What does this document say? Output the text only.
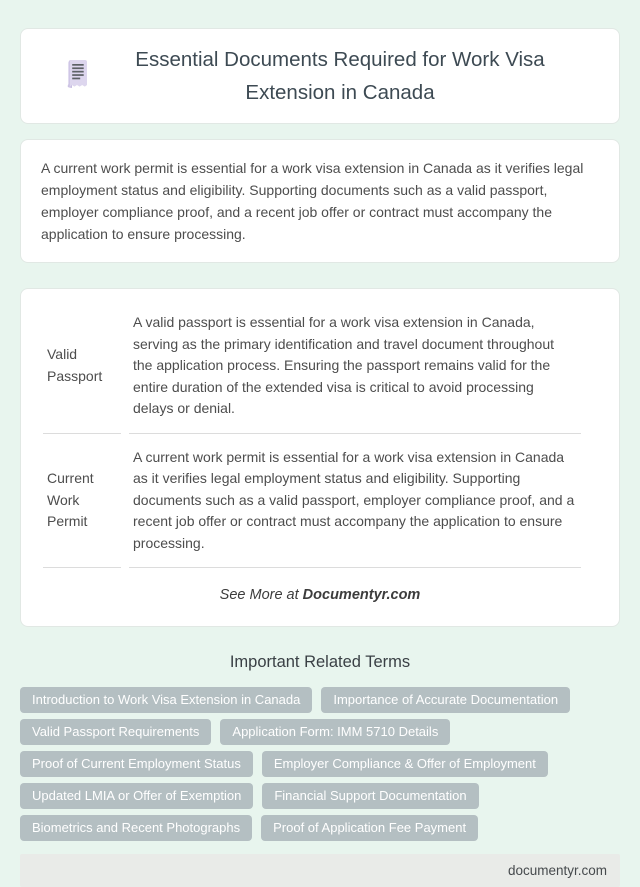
Essential Documents Required for Work Visa Extension in Canada

A current work permit is essential for a work visa extension in Canada as it verifies legal employment status and eligibility. Supporting documents such as a valid passport, employer compliance proof, and a recent job offer or contract must accompany the application to ensure processing.

Valid Passport	A valid passport is essential for a work visa extension in Canada, serving as the primary identification and travel document throughout the application process. Ensuring the passport remains valid for the entire duration of the extended visa is critical to avoid processing delays or denial.
Current Work Permit	A current work permit is essential for a work visa extension in Canada as it verifies legal employment status and eligibility. Supporting documents such as a valid passport, employer compliance proof, and a recent job offer or contract must accompany the application to ensure processing.
See More at Documentyr.com
Important Related Terms
Introduction to Work Visa Extension in Canada	Importance of Accurate Documentation
Valid Passport Requirements	Application Form: IMM 5710 Details
Proof of Current Employment Status	Employer Compliance & Offer of Employment
Updated LMIA or Offer of Exemption	Financial Support Documentation
Biometrics and Recent Photographs	Proof of Application Fee Payment
documentyr.com
